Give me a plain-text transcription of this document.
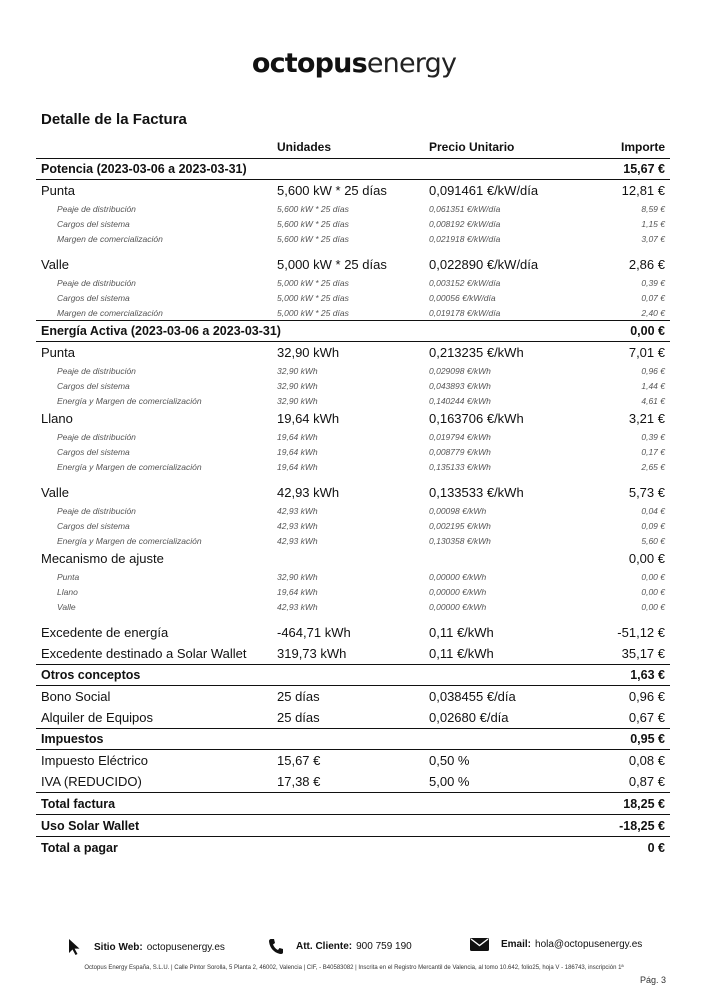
octopusenergy
Detalle de la Factura
	Unidades	Precio Unitario	Importe
Potencia (2023-03-06 a 2023-03-31)			15,67 €
Punta	5,600 kW * 25 días	0,091461 €/kW/día	12,81 €
Peaje de distribución	5,600 kW * 25 días	0,061351 €/kW/día	8,59 €
Cargos del sistema	5,600 kW * 25 días	0,008192 €/kW/día	1,15 €
Margen de comercialización	5,600 kW * 25 días	0,021918 €/kW/día	3,07 €

Valle	5,000 kW * 25 días	0,022890 €/kW/día	2,86 €
Peaje de distribución	5,000 kW * 25 días	0,003152 €/kW/día	0,39 €
Cargos del sistema	5,000 kW * 25 días	0,00056 €/kW/día	0,07 €
Margen de comercialización	5,000 kW * 25 días	0,019178 €/kW/día	2,40 €
Energía Activa (2023-03-06 a 2023-03-31)			0,00 €
Punta	32,90 kWh	0,213235 €/kWh	7,01 €
Peaje de distribución	32,90 kWh	0,029098 €/kWh	0,96 €
Cargos del sistema	32,90 kWh	0,043893 €/kWh	1,44 €
Energía y Margen de comercialización	32,90 kWh	0,140244 €/kWh	4,61 €
Llano	19,64 kWh	0,163706 €/kWh	3,21 €
Peaje de distribución	19,64 kWh	0,019794 €/kWh	0,39 €
Cargos del sistema	19,64 kWh	0,008779 €/kWh	0,17 €
Energía y Margen de comercialización	19,64 kWh	0,135133 €/kWh	2,65 €

Valle	42,93 kWh	0,133533 €/kWh	5,73 €
Peaje de distribución	42,93 kWh	0,00098 €/kWh	0,04 €
Cargos del sistema	42,93 kWh	0,002195 €/kWh	0,09 €
Energía y Margen de comercialización	42,93 kWh	0,130358 €/kWh	5,60 €
Mecanismo de ajuste			0,00 €
Punta	32,90 kWh	0,00000 €/kWh	0,00 €
Llano	19,64 kWh	0,00000 €/kWh	0,00 €
Valle	42,93 kWh	0,00000 €/kWh	0,00 €

Excedente de energía	-464,71 kWh	0,11 €/kWh	-51,12 €
Excedente destinado a Solar Wallet	319,73 kWh	0,11 €/kWh	35,17 €
Otros conceptos			1,63 €
Bono Social	25 días	0,038455 €/día	0,96 €
Alquiler de Equipos	25 días	0,02680 €/día	0,67 €
Impuestos			0,95 €
Impuesto Eléctrico	15,67 €	0,50 %	0,08 €
IVA (REDUCIDO)	17,38 €	5,00 %	0,87 €
Total factura			18,25 €
Uso Solar Wallet			-18,25 €
Total a pagar			0 €
Sitio Web: octopusenergy.es	Att. Cliente: 900 759 190	Email: hola@octopusenergy.es
Octopus Energy España, S.L.U. | Calle Pintor Sorolla, 5 Planta 2, 46002, Valencia | CIF, - B40583082 | Inscrita en el Registro Mercantil de Valencia, al tomo 10.642, folio25, hoja V - 186743, inscripción 1ª
Pág. 3
